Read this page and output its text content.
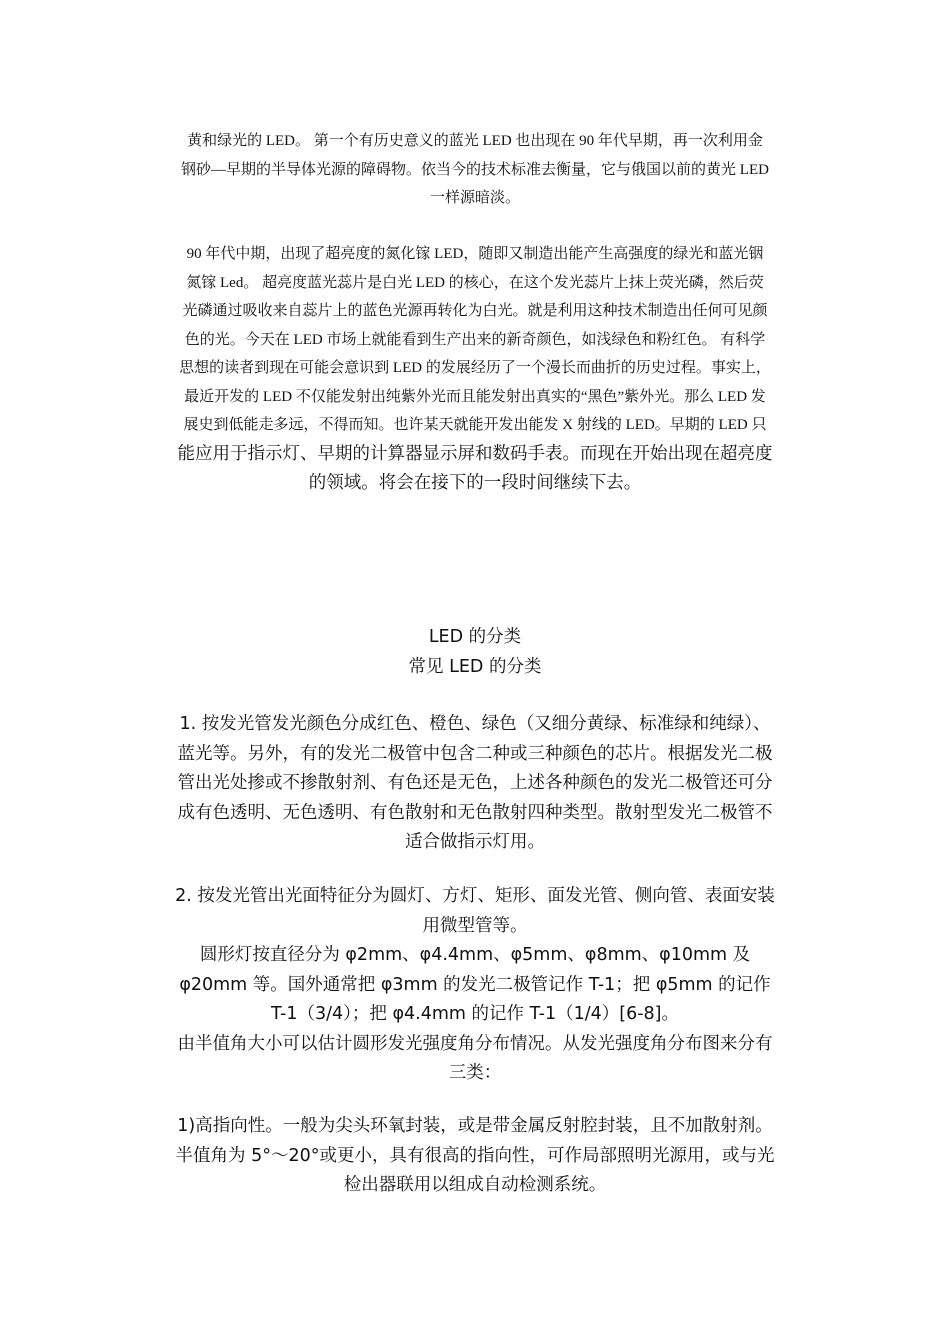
黄和绿光的 LED。 第一个有历史意义的蓝光 LED 也出现在 90 年代早期，再一次利用金
钢砂—早期的半导体光源的障碍物。依当今的技术标准去衡量，它与俄国以前的黄光 LED
一样源暗淡。
90 年代中期，出现了超亮度的氮化镓 LED，随即又制造出能产生高强度的绿光和蓝光铟
氮镓 Led。 超亮度蓝光蕊片是白光 LED 的核心，在这个发光蕊片上抹上荧光磷，然后荧
光磷通过吸收来自蕊片上的蓝色光源再转化为白光。就是利用这种技术制造出任何可见颜
色的光。今天在 LED 市场上就能看到生产出来的新奇颜色，如浅绿色和粉红色。 有科学
思想的读者到现在可能会意识到 LED 的发展经历了一个漫长而曲折的历史过程。事实上，
最近开发的 LED 不仅能发射出纯紫外光而且能发射出真实的“黑色”紫外光。那么 LED 发
展史到低能走多远，不得而知。也许某天就能开发出能发 X 射线的 LED。早期的 LED 只
能应用于指示灯、早期的计算器显示屏和数码手表。而现在开始出现在超亮度
的领域。将会在接下的一段时间继续下去。
LED 的分类
常见 LED 的分类
1. 按发光管发光颜色分成红色、橙色、绿色（又细分黄绿、标准绿和纯绿）、
蓝光等。另外，有的发光二极管中包含二种或三种颜色的芯片。根据发光二极
管出光处掺或不掺散射剂、有色还是无色，上述各种颜色的发光二极管还可分
成有色透明、无色透明、有色散射和无色散射四种类型。散射型发光二极管不
适合做指示灯用。
2. 按发光管出光面特征分为圆灯、方灯、矩形、面发光管、侧向管、表面安装
用微型管等。
圆形灯按直径分为 φ2mm、φ4.4mm、φ5mm、φ8mm、φ10mm 及
φ20mm 等。国外通常把 φ3mm 的发光二极管记作 T-1；把 φ5mm 的记作
T-1（3/4）；把 φ4.4mm 的记作 T-1（1/4）[6-8]。
由半值角大小可以估计圆形发光强度角分布情况。从发光强度角分布图来分有
三类：
1)高指向性。一般为尖头环氧封装，或是带金属反射腔封装，且不加散射剂。
半值角为 5°～20°或更小，具有很高的指向性，可作局部照明光源用，或与光
检出器联用以组成自动检测系统。
